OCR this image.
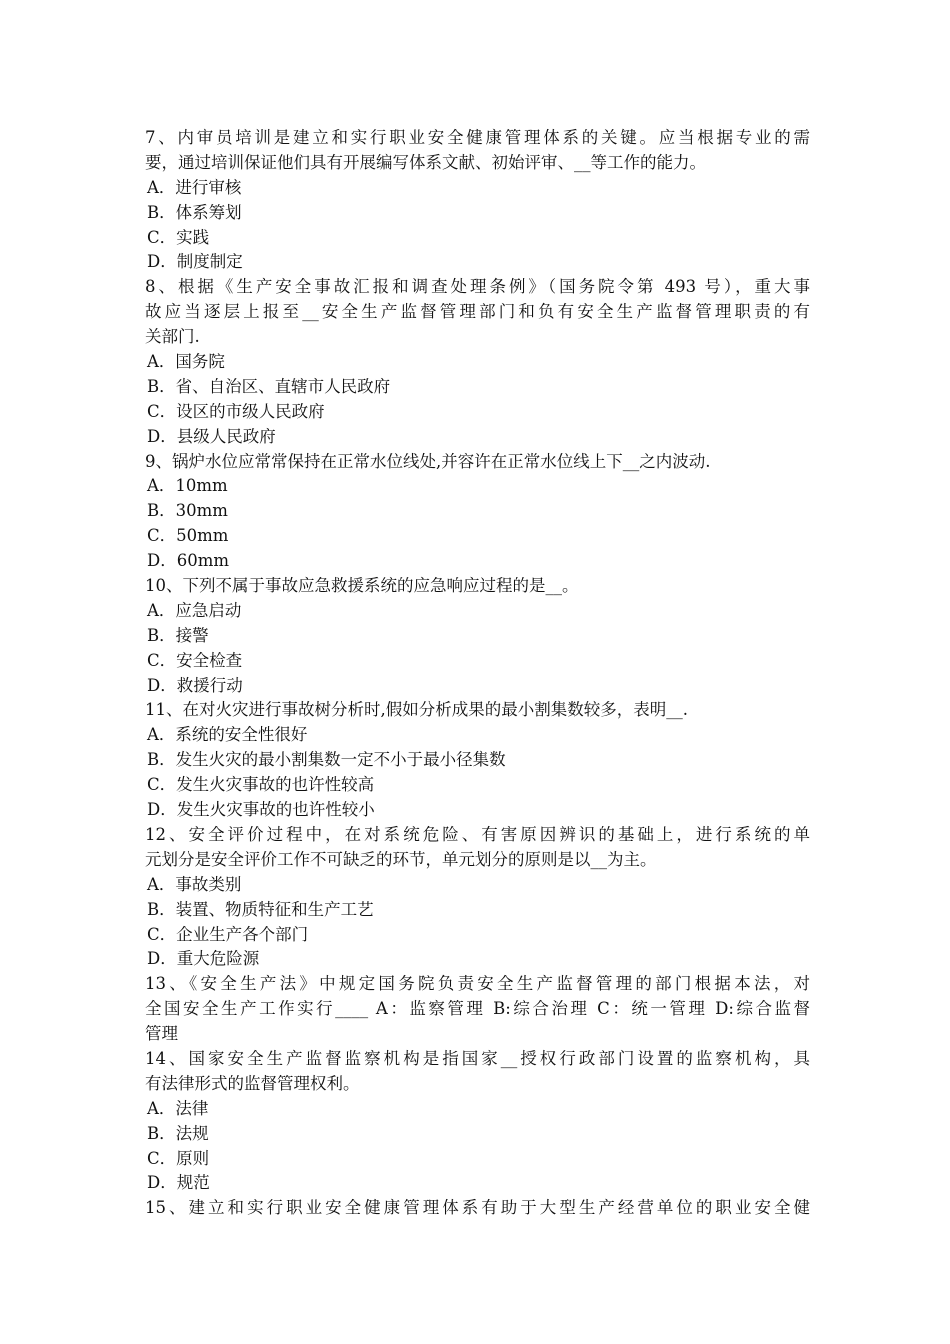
7、内审员培训是建立和实行职业安全健康管理体系的关键。应当根据专业的需
要，通过培训保证他们具有开展编写体系文献、初始评审、__等工作的能力。
A．进行审核
B．体系筹划
C．实践
D．制度制定
8、根据《生产安全事故汇报和调查处理条例》（国务院令第 493 号），重大事
故应当逐层上报至__安全生产监督管理部门和负有安全生产监督管理职责的有
关部门.
A．国务院
B．省、自治区、直辖市人民政府
C．设区的市级人民政府
D．县级人民政府
9、锅炉水位应常常保持在正常水位线处,并容许在正常水位线上下__之内波动.
A．10mm
B．30mm
C．50mm
D．60mm
10、下列不属于事故应急救援系统的应急响应过程的是__。
A．应急启动
B．接警
C．安全检查
D．救援行动
11、在对火灾进行事故树分析时,假如分析成果的最小割集数较多，表明__.
A．系统的安全性很好
B．发生火灾的最小割集数一定不小于最小径集数
C．发生火灾事故的也许性较高
D．发生火灾事故的也许性较小
12、安全评价过程中，在对系统危险、有害原因辨识的基础上，进行系统的单
元划分是安全评价工作不可缺乏的环节，单元划分的原则是以__为主。
A．事故类别
B．装置、物质特征和生产工艺
C．企业生产各个部门
D．重大危险源
13、《安全生产法》中规定国务院负责安全生产监督管理的部门根据本法，对
全国安全生产工作实行____ A：监察管理 B:综合治理 C：统一管理 D:综合监督
管理
14、国家安全生产监督监察机构是指国家__授权行政部门设置的监察机构，具
有法律形式的监督管理权利。
A．法律
B．法规
C．原则
D．规范
15、建立和实行职业安全健康管理体系有助于大型生产经营单位的职业安全健
